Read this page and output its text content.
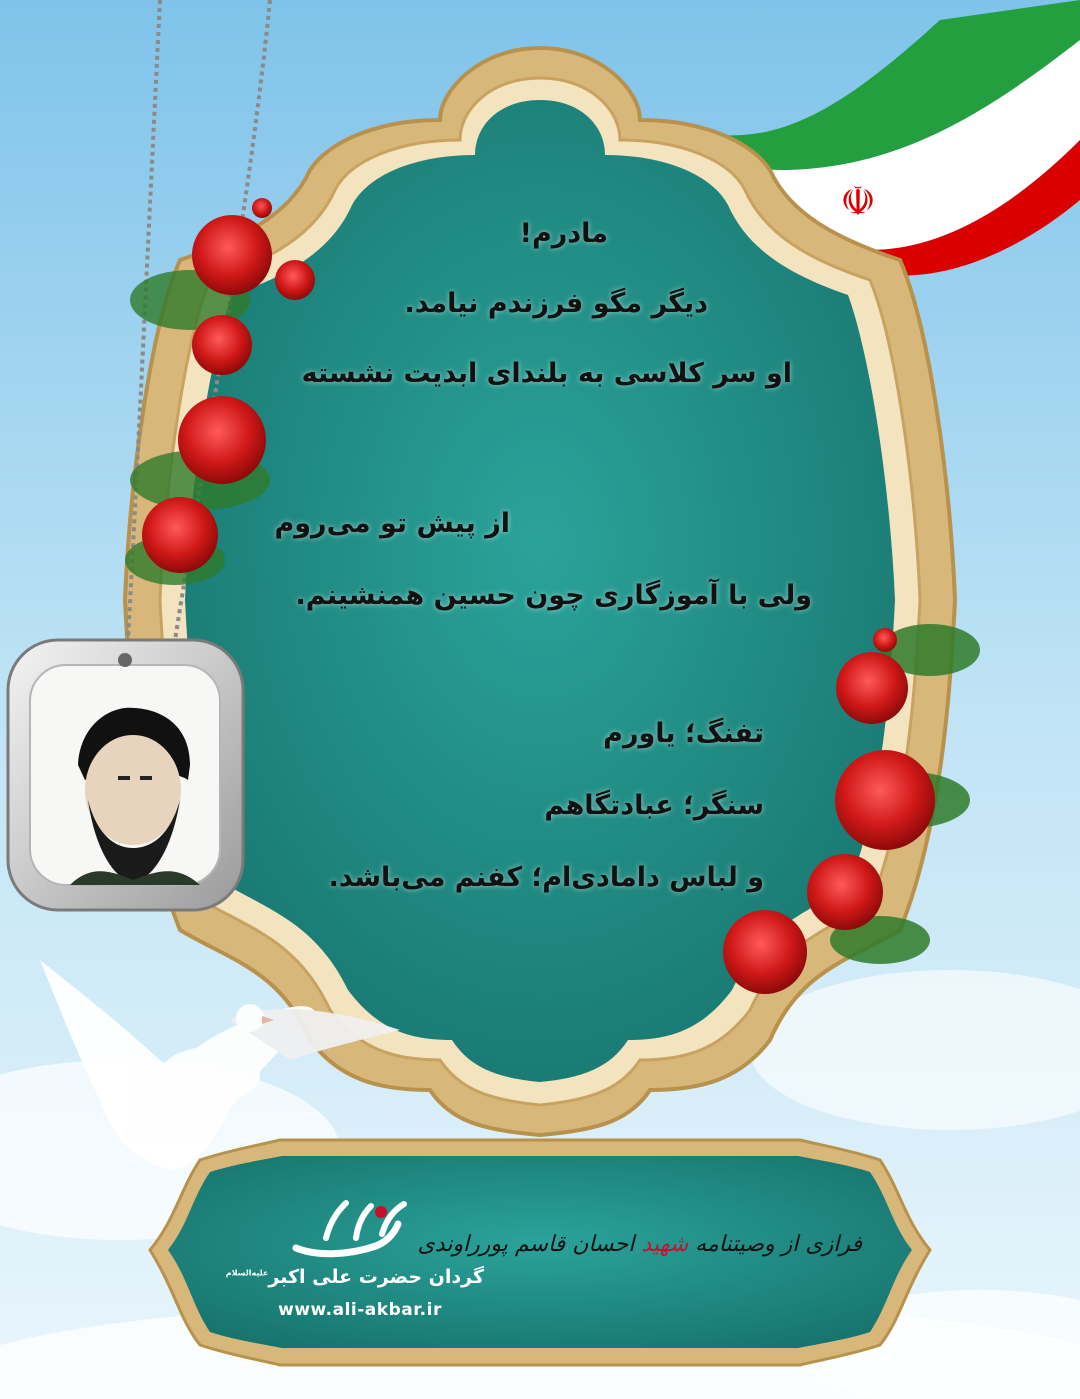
☫
مادرم!
دیگر مگو فرزندم نیامد.
او سر کلاسی به بلندای ابدیت نشسته
از پیش تو می‌روم
ولی با آموزگاری چون حسین همنشینم.
تفنگ؛ یاورم
سنگر؛ عبادتگاهم
و لباس دامادی‌ام؛ کفنم می‌باشد.
فرازی از وصیتنامه شهید احسان قاسم پورراوندی
گردان حضرت علی اکبر$^{علیه‌السلام}$
www.ali-akbar.ir
